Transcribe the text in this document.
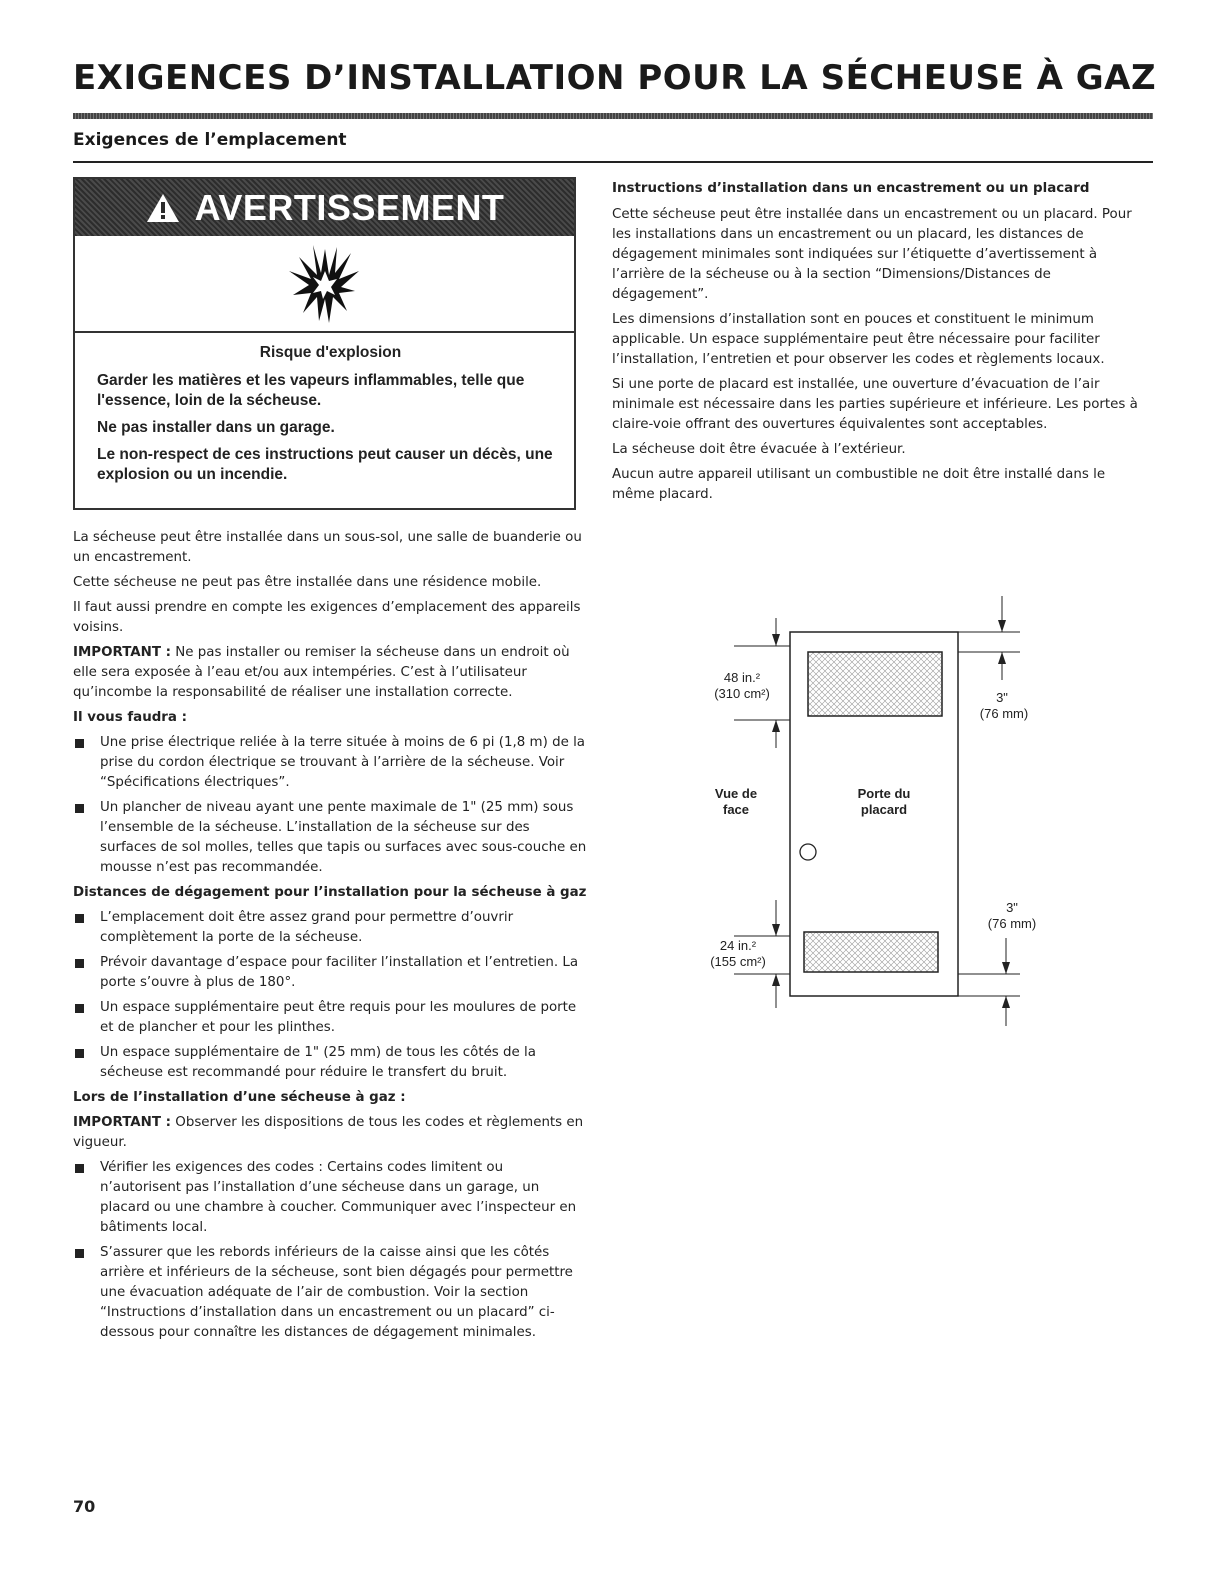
EXIGENCES D’INSTALLATION POUR LA SÉCHEUSE À GAZ
Exigences de l’emplacement
AVERTISSEMENT

Risque d'explosion

Garder les matières et les vapeurs inflammables, telle que l'essence, loin de la sécheuse.

Ne pas installer dans un garage.

Le non-respect de ces instructions peut causer un décès, une explosion ou un incendie.

La sécheuse peut être installée dans un sous-sol, une salle de buanderie ou un encastrement.

Cette sécheuse ne peut pas être installée dans une résidence mobile.

Il faut aussi prendre en compte les exigences d’emplacement des appareils voisins.

IMPORTANT : Ne pas installer ou remiser la sécheuse dans un endroit où elle sera exposée à l’eau et/ou aux intempéries. C’est à l’utilisateur qu’incombe la responsabilité de réaliser une installation correcte.

Il vous faudra :

Une prise électrique reliée à la terre située à moins de 6 pi (1,8 m) de la prise du cordon électrique se trouvant à l’arrière de la sécheuse. Voir “Spécifications électriques”.
Un plancher de niveau ayant une pente maximale de 1" (25 mm) sous l’ensemble de la sécheuse. L’installation de la sécheuse sur des surfaces de sol molles, telles que tapis ou surfaces avec sous-couche en mousse n’est pas recommandée.

Distances de dégagement pour l’installation pour la sécheuse à gaz

L’emplacement doit être assez grand pour permettre d’ouvrir complètement la porte de la sécheuse.
Prévoir davantage d’espace pour faciliter l’installation et l’entretien. La porte s’ouvre à plus de 180°.
Un espace supplémentaire peut être requis pour les moulures de porte et de plancher et pour les plinthes.
Un espace supplémentaire de 1" (25 mm) de tous les côtés de la sécheuse est recommandé pour réduire le transfert du bruit.

Lors de l’installation d’une sécheuse à gaz :

IMPORTANT : Observer les dispositions de tous les codes et règlements en vigueur.

Vérifier les exigences des codes : Certains codes limitent ou n’autorisent pas l’installation d’une sécheuse dans un garage, un placard ou une chambre à coucher. Communiquer avec l’inspecteur en bâtiments local.
S’assurer que les rebords inférieurs de la caisse ainsi que les côtés arrière et inférieurs de la sécheuse, sont bien dégagés pour permettre une évacuation adéquate de l’air de combustion. Voir la section “Instructions d’installation dans un encastrement ou un placard” ci-dessous pour connaître les distances de dégagement minimales.

Instructions d’installation dans un encastrement ou un placard

Cette sécheuse peut être installée dans un encastrement ou un placard. Pour les installations dans un encastrement ou un placard, les distances de dégagement minimales sont indiquées sur l’étiquette d’avertissement à l’arrière de la sécheuse ou à la section “Dimensions/Distances de dégagement”.

Les dimensions d’installation sont en pouces et constituent le minimum applicable. Un espace supplémentaire peut être nécessaire pour faciliter l’installation, l’entretien et pour observer les codes et règlements locaux.

Si une porte de placard est installée, une ouverture d’évacuation de l’air minimale est nécessaire dans les parties supérieure et inférieure. Les portes à claire-voie offrant des ouvertures équivalentes sont acceptables.

La sécheuse doit être évacuée à l’extérieur.

Aucun autre appareil utilisant un combustible ne doit être installé dans le même placard.

48 in.²
(310 cm²)
24 in.²
(155 cm²)
3"
(76 mm)
3"
(76 mm)
Vue de
face
Porte du
placard

70
